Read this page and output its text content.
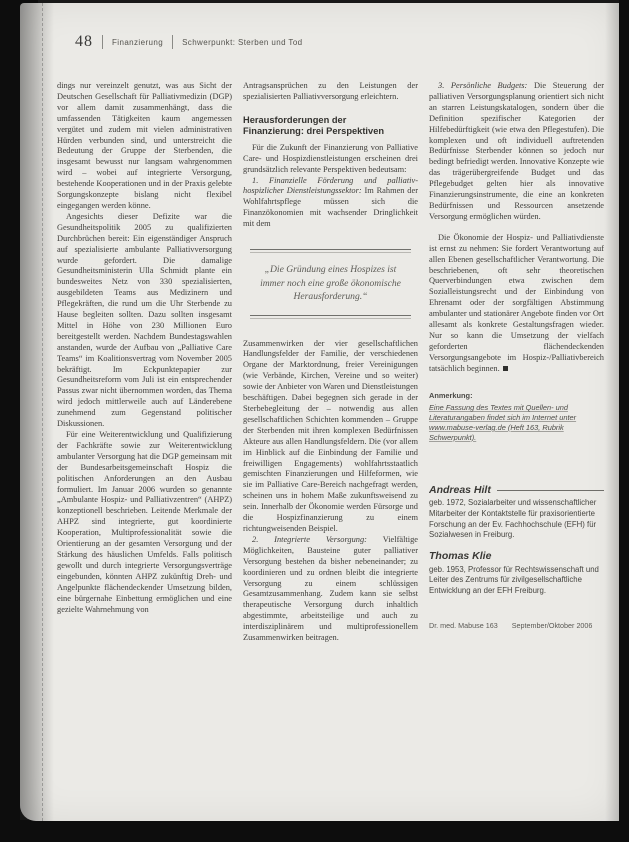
48 Finanzierung Schwerpunkt: Sterben und Tod

dings nur vereinzelt genutzt, was aus Sicht der Deutschen Gesellschaft für Palliativmedizin (DGP) vor allem damit zusammenhängt, dass die umfassenden Tätigkeiten kaum angemessen vergütet und zudem mit vielen administrativen Hürden verbunden sind, und unterstreicht die Bedeutung der Gruppe der Sterbenden, die insgesamt bewusst nur langsam wahrgenommen wird – wobei auf integrierte Versorgung, bestehende Kooperationen und in der Praxis gelebte Sorgungskonzepte bislang nicht flexibel eingegangen werden könne.

Angesichts dieser Defizite war die Gesundheitspolitik 2005 zu qualifizierten Durchbrüchen bereit: Ein eigenständiger Anspruch auf spezialisierte ambulante Palliativversorgung wurde gefordert. Die damalige Gesundheitsministerin Ulla Schmidt plante ein bundesweites Netz von 330 spezialisierten, ausgebildeten Teams aus Medizinern und Pflegekräften, die rund um die Uhr Sterbende zu Hause begleiten sollten. Dazu sollten insgesamt Mittel in Höhe von 230 Millionen Euro bereitgestellt werden. Nachdem Bundestagswahlen anstanden, wurde der Aufbau von „Palliative Care Teams“ im Koalitionsvertrag vom November 2005 bekräftigt. Im Eckpunktepapier zur Gesundheitsreform vom Juli ist ein entsprechender Passus zwar nicht übernommen worden, das Thema wird jedoch mittlerweile auch auf Länderebene zunehmend zum Gegenstand politischer Diskussionen.

Für eine Weiterentwicklung und Qualifizierung der Fachkräfte sowie zur Weiterentwicklung ambulanter Versorgung hat die DGP gemeinsam mit der Bundesarbeitsgemeinschaft Hospiz die politischen Anforderungen an den Ausbau formuliert. Im Januar 2006 wurden so genannte „Ambulante Hospiz- und Palliativzentren“ (AHPZ) konzeptionell beschrieben. Leitende Merkmale der AHPZ sind integrierte, gut koordinierte Kooperation, Multiprofessionalität sowie die Orientierung an der gesamten Versorgung und der Stärkung des häuslichen Umfelds. Falls politisch gewollt und durch integrierte Versorgungsverträge eingebunden, könnten AHPZ zukünftig Dreh- und Angelpunkte flächendeckender Umsetzung bilden, eine bürgernahe Einbettung ermöglichen und eine gezielte Wahrnehmung von

Antragsansprüchen zu den Leistungen der spezialisierten Palliativversorgung erleichtern.

Herausforderungen der
Finanzierung: drei Perspektiven

Für die Zukunft der Finanzierung von Palliative Care- und Hospizdienstleistungen erscheinen drei grundsätzlich relevante Perspektiven bedeutsam:

1. Finanzielle Förderung und palliativ-hospizlicher Dienstleistungssektor: Im Rahmen der Wohlfahrtspflege müssen sich die Finanzökonomien mit wachsender Dringlichkeit mit dem

„Die Gründung eines Hospizes ist immer noch eine große ökonomische Herausforderung.“

Zusammenwirken der vier gesellschaftlichen Handlungsfelder der Familie, der verschiedenen Organe der Marktordnung, freier Vereinigungen (wie Verbände, Kirchen, Vereine und so weiter) sowie der Anbieter von Waren und Dienstleistungen beschäftigen. Dabei begegnen sich gerade in der Sterbebegleitung der – notwendig aus allen gesellschaftlichen Schichten kommenden – Gruppe der Sterbenden mit ihren komplexen Bedürfnissen Akteure aus allen Handlungsfeldern. Die (vor allem im Hinblick auf die Einbindung der Familie und freiwilligen Engagements) wohlfahrtsstaatlich gemischten Finanzierungen und Hilfeformen, wie sie im Palliative Care-Bereich nachgefragt werden, scheinen uns in hohem Maße zukunftsweisend zu sein. Innerhalb der Ökonomie werden Fürsorge und die Hospizfinanzierung zu einem richtungweisenden Beispiel.

2. Integrierte Versorgung: Vielfältige Möglichkeiten, Bausteine guter palliativer Versorgung bestehen da bisher nebeneinander; zu koordinieren und zu ordnen bleibt die integrierte Versorgung zu einem schlüssigen Gesamtzusammenhang. Zudem kann sie selbst therapeutische Versorgung durch inhaltlich abgestimmte, arbeitsteilige und auch zu interdisziplinärem und multiprofessionellem Zusammenwirken beitragen.

3. Persönliche Budgets: Die Steuerung der palliativen Versorgungsplanung orientiert sich nicht an starren Leistungskatalogen, sondern über die Definition spezifischer Kategorien der Hilfebedürftigkeit (wie etwa den Pflegestufen). Die komplexen und oft individuell auftretenden Bedürfnisse Sterbender können so jedoch nur bedingt befriedigt werden. Innovative Konzepte wie das trägerübergreifende Budget und das Pflegebudget gelten hier als innovative Finanzierungsinstrumente, die eine an konkreten Bedürfnissen und Ressourcen ansetzende Versorgung ermöglichen würden.

Die Ökonomie der Hospiz- und Palliativdienste ist ernst zu nehmen: Sie fordert Verantwortung auf allen Ebenen gesellschaftlicher Verantwortung. Die beschriebenen, oft sehr theoretischen Querverbindungen etwa zwischen dem Sozialleistungsrecht und der Einbindung von Ehrenamt oder der sorgfältigen Abstimmung ambulanter und stationärer Angebote finden vor Ort allesamt als konkrete Gestaltungsfragen wieder. Nur so kann die Umsetzung der vielfach geforderten flächendeckenden Versorgungsangebote im Hospiz-/Palliativbereich tatsächlich beginnen.

Anmerkung:
Eine Fassung des Textes mit Quellen- und Literaturangaben findet sich im Internet unter www.mabuse-verlag.de (Heft 163, Rubrik Schwerpunkt).
Andreas Hilt
geb. 1972, Sozialarbeiter und wissenschaftlicher Mitarbeiter der Kontaktstelle für praxisorientierte Forschung an der Ev. Fachhochschule (EFH) für Sozialwesen in Freiburg.
Thomas Klie
geb. 1953, Professor für Rechtswissenschaft und Leiter des Zentrums für zivilgesellschaftliche Entwicklung an der EFH Freiburg.
Dr. med. Mabuse 163 September/Oktober 2006
